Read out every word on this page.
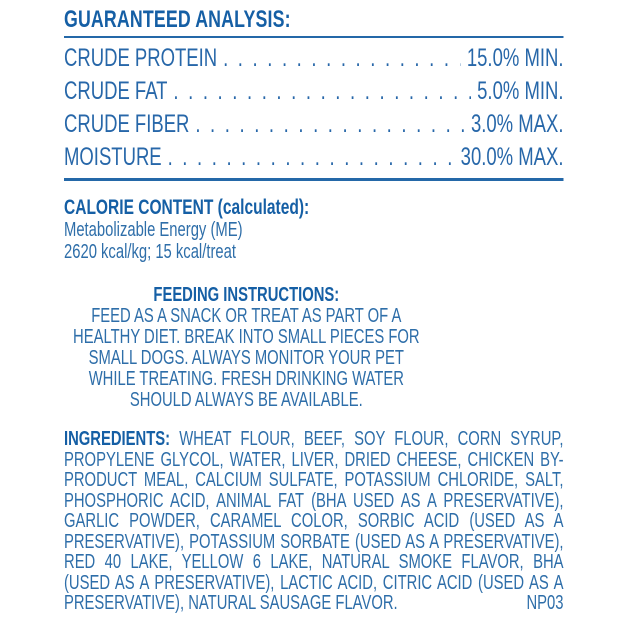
GUARANTEED ANALYSIS:
CRUDE PROTEIN . . .	15.0% MIN.
CRUDE FAT . . .	5.0% MIN.
CRUDE FIBER . . .	3.0% MAX.
MOISTURE . . .	30.0% MAX.
CALORIE CONTENT (calculated):
Metabolizable Energy (ME)
2620 kcal/kg; 15 kcal/treat
FEEDING INSTRUCTIONS:
FEED AS A SNACK OR TREAT AS PART OF A HEALTHY DIET. BREAK INTO SMALL PIECES FOR SMALL DOGS. ALWAYS MONITOR YOUR PET WHILE TREATING. FRESH DRINKING WATER SHOULD ALWAYS BE AVAILABLE.

INGREDIENTS: WHEAT FLOUR, BEEF, SOY FLOUR, CORN SYRUP, PROPYLENE GLYCOL, WATER, LIVER, DRIED CHEESE, CHICKEN BY-PRODUCT MEAL, CALCIUM SULFATE, POTASSIUM CHLORIDE, SALT, PHOSPHORIC ACID, ANIMAL FAT (BHA USED AS A PRESERVATIVE), GARLIC POWDER, CARAMEL COLOR, SORBIC ACID (USED AS A PRESERVATIVE), POTASSIUM SORBATE (USED AS A PRESERVATIVE), RED 40 LAKE, YELLOW 6 LAKE, NATURAL SMOKE FLAVOR, BHA (USED AS A PRESERVATIVE), LACTIC ACID, CITRIC ACID (USED AS A PRESERVATIVE), NATURAL SAUSAGE FLAVOR.	NP03
